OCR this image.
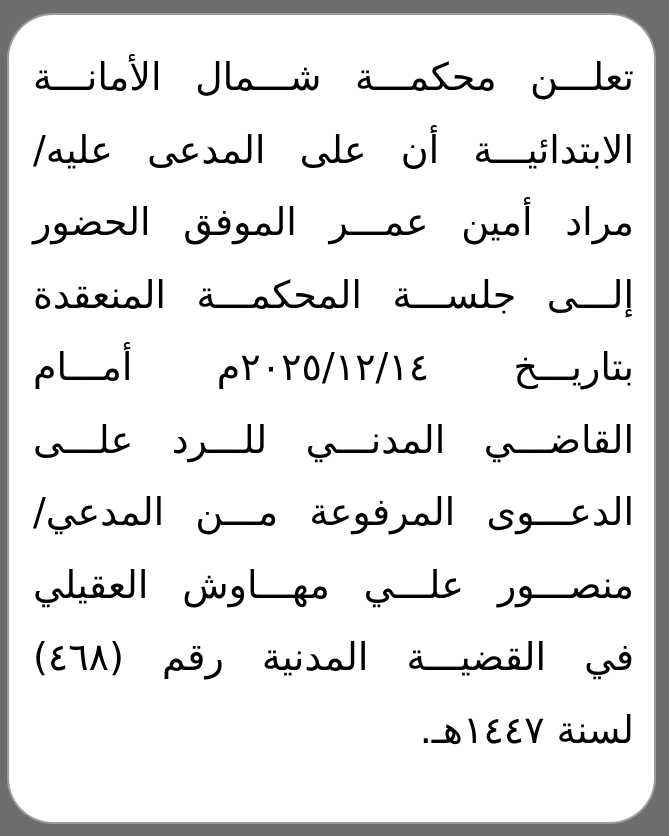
تعلـــن محكمـــة شـــمال الأمانـــة
الابتدائيـــة أن على المدعى عليه/
مراد أمين عمـــر الموفق الحضور
إلـــى جلســـة المحكمـــة المنعقدة
بتاريـــخ ٢٠٢٥/١٢/١٤م أمـــام
القاضـــي المدنـــي للـــرد علـــى
الدعـــوى المرفوعة مـــن المدعي/
منصـــور علـــي مهـــاوش العقيلي
في القضيـــة المدنية رقم (٤٦٨)
لسنة ١٤٤٧هـ.
